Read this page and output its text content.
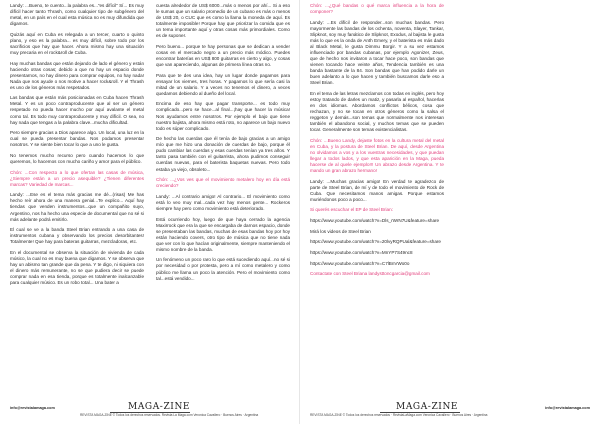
Landy: ...Bueno, te cuento...la palabra es..."es difícil" Sí... Es muy difícil hacer tanto Thrash, como cualquier tipo de subgénero del metal, en un país en el cual esta música no es muy difundida que digamos.

Quizás aquí en Cuba es relegada a un tercer, cuarto o quinto plano, y eso es la palabra... es muy difícil, sobre todo por los sacrificios que hay que hacer. Ahora mismo hay una situación muy precaria en el rock&roll de Cuba.

Hay muchas bandas que están dejando de lado el género y están haciendo otras cosas; debido a que no hay un espacio donde presentarnos, no hay dinero para comprar equipos, no hay nada! Nada que nos ayude o nos motive a hacer rock&roll. Y el Thrash es uno de los géneros más respetados.

Las bandas que están más posicionadas en Cuba hacen Thrash Metal. Y es un poco contraproducente que al ser un género respetado no pueda hacer mucho por aquí avalante el metal como tal. Es todo muy contraproducente y muy difícil. O sea, no hay nada que tengas a la palabra clave...mucha dificultad.

Pero siempre gracias a Dios aparece algo. Un local, una luz en la cual se pueda presentar bandas. Nos podamos presentar nosotros. Y se siente bien tocar lo que a uno le gusta.

No tenemos mucho recurso pero cuando hacemos lo que queremos, lo hacemos con mucho cariño y amor para el público.

Chón: ...Con respecto a lo que ofertan las casas de música, ¿Siempre están a un precio asequible? ¿Tienen diferentes marcas? Variedad de marcas...

Landy: ...Ese es el tema más gracias me dé...(risas) Me has hecho reír ahora de una manera genial...Te explico... Aquí hay tiendas que venden instrumentos...que un compañito suyo, Argentino, nos ha hecho una especie de documental que no sé si más adelante podrá emitirlo.

El cual se ve a la banda Steel Brian entrando a una casa de instrumentos cubana y observando los precios desorbitantes! Totalmente! Que hay para bateras guitarras, mezcladoras, etc.

En el documental se observa la situación de vivienda de cada músico, la cual no es muy buena que digamos. Y se observa que hay un abismo tan grande que da pena. Y te digo, ni siquiera con el dinero más remunerante, no se que pudiera decir se puede comprar nada en esa tienda, porque es totalmente inalcanzable para cualquier músico. Es un robo total... Una bater a

cuesta alrededor de US$ 6000...más o menos por ahí... Si a eso le sumas que un salario promedio de un cubano es más o menos de US$ 20, o CUC que es como la llama la moneda de aquí. Es totalmente imposible! Porque hay que priorizar la comida que es un tema importante aquí y otras cosas más primordiales. Como es de suponer.

Pero bueno... porque te hay personas que se dedican a vender cosas en el mercado negro a un precio más módico. Puedes encontrar baterías en US$ 800 guitarras en cierto y algo, y cosas que van apareciendo, algunas de primera línea otras no.

Para que te des una idea, hay un lugar donde pagamos para ensayar los viernes, tres horas. Y pagamos lo que sería casi la mitad de un salario. Y a veces no tenemos el dinero, a veces quedamos debiendo al dueño del local.

Encima de eso hay que pagar transporte... es todo muy complicado...pero se hace...al final...¡hay que hacer la música! Nos ayudamos entre nosotros. Por ejemplo el bajo que tiene nuestro bajista, ahora mismo está roto, no aparece un bajo nuevo todo es súper complicado.

De hecho las cuerdas que él tenía de bajo gracias a un amigo mío que me hizo una donación de cuerdas de bajo, porque él pudo cambiar las cuerdas y esas cuerdas tenían ya tres años. Y tanto pasa también con el guitarrista, ahora pudimos conseguir cuerdas nuevas, para el baterista baquetas nuevas. Pero todo estaba ya viejo, obsoleto...

Chón: ...¿Vos ves que el movimiento metalero hoy en día está creciendo?

Landy: ...Al contrario amigo! Al contrario... El movimiento como está lo veo muy mal...cada vez hay menos gente... Rockeros siempre hay pero como movimiento está deteriorado.

Está ocurriendo hoy, luego de que haya cerrado la agencia Maxirrock que era la que se encargaba de darnos espacio, donde se presentaban las bandas, muchas de esas bandas hoy por hoy están haciendo covers, otro tipo de música que no tiene nada que ver con lo que hacían originalmente, siempre manteniendo el mismo nombre de la banda.

Un fenómeno un poco raro lo que está sucediendo aquí...no sé si por necesidad o por protesta, pero a mí como metalero y como público me llama un poco la atención. Pero el movimiento como tal...está vendido...

info@revistalamaga.com	MAGA-ZINE
REVISTA MAGA-ZINE © Todos los derechos reservados. Revista La Maga.com Veronica Cavallero · Buenos Aires · Argentina

Chón: ...¿Qué bandas o qué marca influencia a la hora de componer?

Landy: ...Es difícil de responder...son muchas bandas. Pero mayormente las bandas de los ochenta, noventa, Slayer, Tankar, Slipknot, soy muy fanático de Slipknot, Exodus, al bajista le gusta más lo que es la onda de Anth Emery, y el baterista es más dado al Black Metal, le gusta Dimmu Borgir. Y a su vez estamos influenciado por bandas cubanas, por ejemplo Agonizer, Zeus, que de hecho nos invitaron a tocar hace poco, son bandas que vienen tocando hace veinte años, Tendencia también es una banda bastante de la 84. Son bandas que han podido darle un buen adelanto a lo que hacen y también buscamos darle eso a Steel Brian.

En el tema de las letras mezclamos con todas en inglés, pero hoy estoy tratando de darles un matiz, y pasarla al español, hacerlas en dos idiomas. Abordamos conflictos bélicos, cosa que rechazan, y no se tocan en otros géneros como la salsa el reggeton y demás...son temas que normalmente nos interesan también el abandono social, y muchos temas que se pueden tocar. Generalmente son temas existencialistas.

Chón: ...Bueno Landy, dejaste fotos en la cultura metal del metal en Cuba, y la postura de Steel Brian. De aquí, desde Argentina no olvidamos a vos y a los vuestras necesidades, y que puedan llegar a todos lados, y que esta aparición en la Maga, pueda hacerse de al quele ejemplo!!! Un abrazo desde Argentina. Y te mando un gran abrazo hermano!

Landy: ...Muchas gracias amigo! En verdad te agradezco de parte de Steel Brian, de mí y de todo el movimiento de Rock de Cuba. Que necesitamos manos amigas. Porque estamos muriéndonos poco a poco...

Si querés escuchar el EP de Steel Brian:

https://www.youtube.com/watch?v=Dls_rWrN7U&feature=share

Mirá los videos de Steel Brian

https://www.youtube.com/watch?v=20lvyRQPUal&feature=share

https://www.youtube.com/watch?v=MnYP7S49nc8

https://www.youtube.com/watch?v=C7lBnVWo0o

Contactate con Steel Briana landysttoncgarcia@gmail.com

MAGA-ZINE	info@revistalamaga.com
REVISTA MAGA-ZINE © Todos los derechos reservados · RevistaLaMaga.com Veronica Cavallero · Buenos Aires · Argentina
